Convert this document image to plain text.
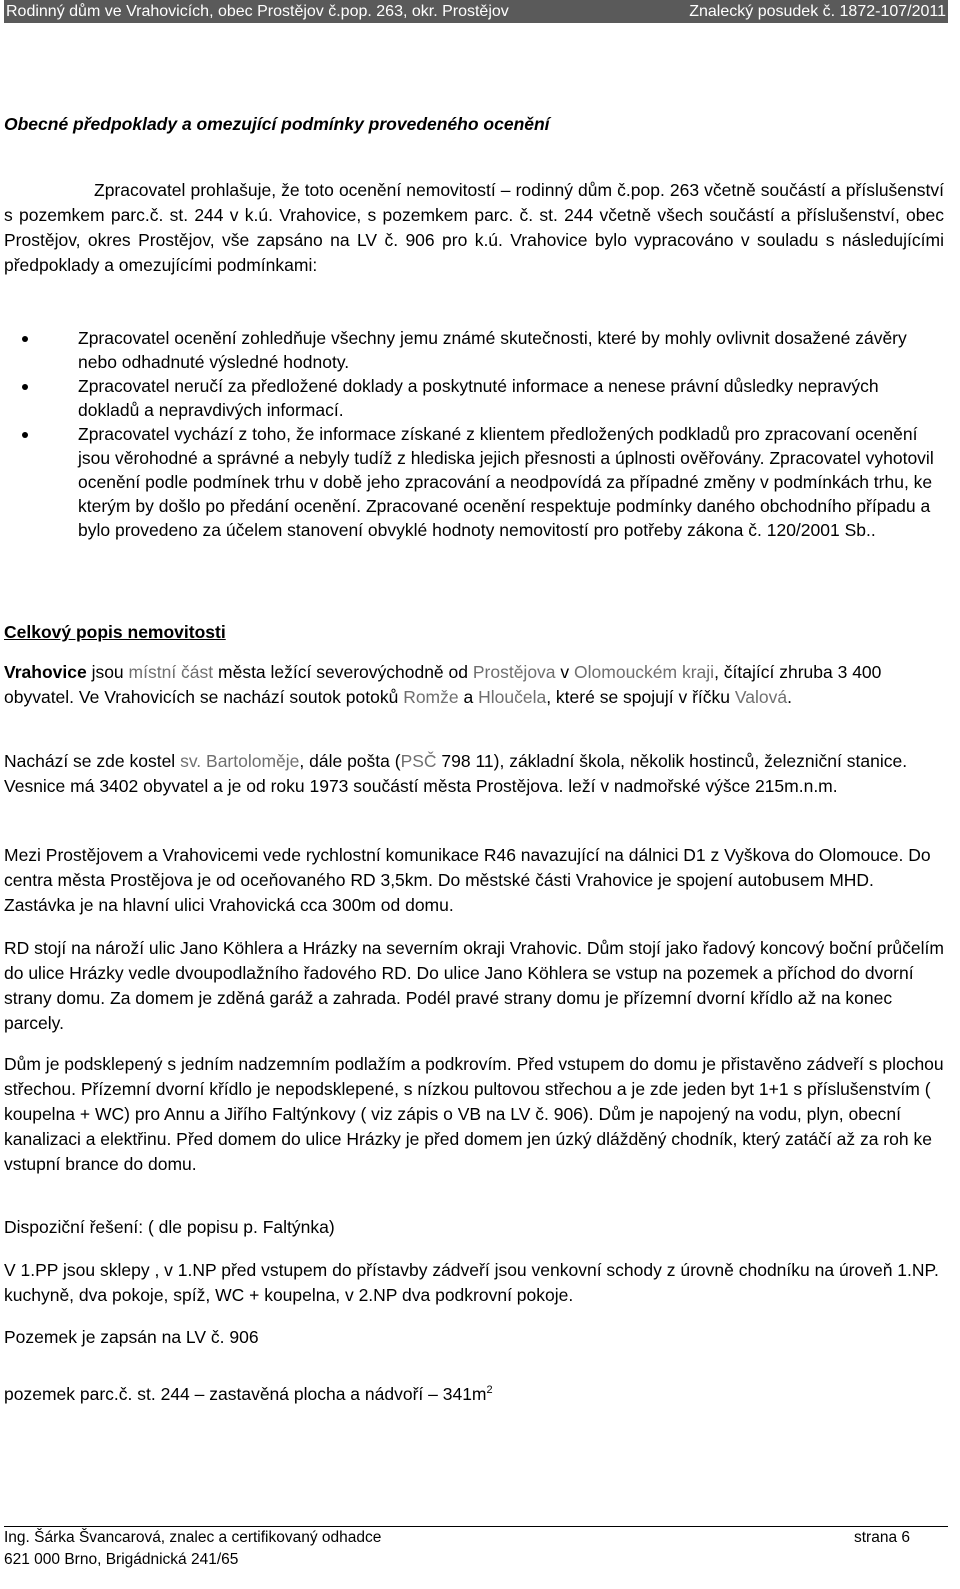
Rodinný dům ve Vrahovicích, obec Prostějov č.pop. 263, okr. Prostějov	Znalecký posudek č. 1872-107/2011
Obecné předpoklady a omezující podmínky provedeného ocenění

Zpracovatel prohlašuje, že toto ocenění nemovitostí – rodinný dům č.pop. 263 včetně součástí a příslušenství s pozemkem parc.č. st. 244 v k.ú. Vrahovice, s pozemkem parc. č. st. 244 včetně všech součástí a příslušenství, obec Prostějov, okres Prostějov, vše zapsáno na LV č. 906 pro k.ú. Vrahovice bylo vypracováno v souladu s následujícími předpoklady a omezujícími podmínkami:

Zpracovatel ocenění zohledňuje všechny jemu známé skutečnosti, které by mohly ovlivnit dosažené závěry nebo odhadnuté výsledné hodnoty.
Zpracovatel neručí za předložené doklady a poskytnuté informace a nenese právní důsledky nepravých dokladů a nepravdivých informací.
Zpracovatel vychází z toho, že informace získané z klientem předložených podkladů pro zpracovaní ocenění jsou věrohodné a správné a nebyly tudíž z hlediska jejich přesnosti a úplnosti ověřovány. Zpracovatel vyhotovil ocenění podle podmínek trhu v době jeho zpracování a neodpovídá za případné změny v podmínkách trhu, ke kterým by došlo po předání ocenění. Zpracované ocenění respektuje podmínky daného obchodního případu a bylo provedeno za účelem stanovení obvyklé hodnoty nemovitostí pro potřeby zákona č. 120/2001 Sb..
Celkový popis nemovitosti

Vrahovice jsou místní část města ležící severovýchodně od Prostějova v Olomouckém kraji, čítající zhruba 3 400 obyvatel. Ve Vrahovicích se nachází soutok potoků Romže a Hloučela, které se spojují v říčku Valová.

Nachází se zde kostel sv. Bartoloměje, dále pošta (PSČ 798 11), základní škola, několik hostinců, železniční stanice. Vesnice má 3402 obyvatel a je od roku 1973 součástí města Prostějova. leží v nadmořské výšce 215m.n.m.

Mezi Prostějovem a Vrahovicemi vede rychlostní komunikace R46 navazující na dálnici D1 z Vyškova do Olomouce. Do centra města Prostějova je od oceňovaného RD 3,5km. Do městské části Vrahovice je spojení autobusem MHD. Zastávka je na hlavní ulici Vrahovická cca 300m od domu.

RD stojí na nároží ulic Jano Köhlera a Hrázky na severním okraji Vrahovic. Dům stojí jako řadový koncový boční průčelím do ulice Hrázky vedle dvoupodlažního řadového RD. Do ulice Jano Köhlera se vstup na pozemek a příchod do dvorní strany domu. Za domem je zděná garáž a zahrada. Podél pravé strany domu je přízemní dvorní křídlo až na konec parcely.

Dům je podsklepený s jedním nadzemním podlažím a podkrovím. Před vstupem do domu je přistavěno zádveří s plochou střechou. Přízemní dvorní křídlo je nepodsklepené, s nízkou pultovou střechou a je zde jeden byt 1+1 s příslušenstvím ( koupelna + WC) pro Annu a Jiřího Faltýnkovy ( viz zápis o VB na LV č. 906). Dům je napojený na vodu, plyn, obecní kanalizaci a elektřinu. Před domem do ulice Hrázky je před domem jen úzký dlážděný chodník, který zatáčí až za roh ke vstupní brance do domu.

Dispoziční řešení: ( dle popisu p. Faltýnka)

V 1.PP jsou sklepy , v 1.NP před vstupem do přístavby zádveří jsou venkovní schody z úrovně chodníku na úroveň 1.NP. kuchyně, dva pokoje, spíž, WC + koupelna, v 2.NP dva podkrovní pokoje.

Pozemek je zapsán na LV č. 906

pozemek parc.č. st. 244 – zastavěná plocha a nádvoří – $341m^2$

Ing. Šárka Švancarová, znalec a certifikovaný odhadce
621 000 Brno, Brigádnická 241/65
strana 6
